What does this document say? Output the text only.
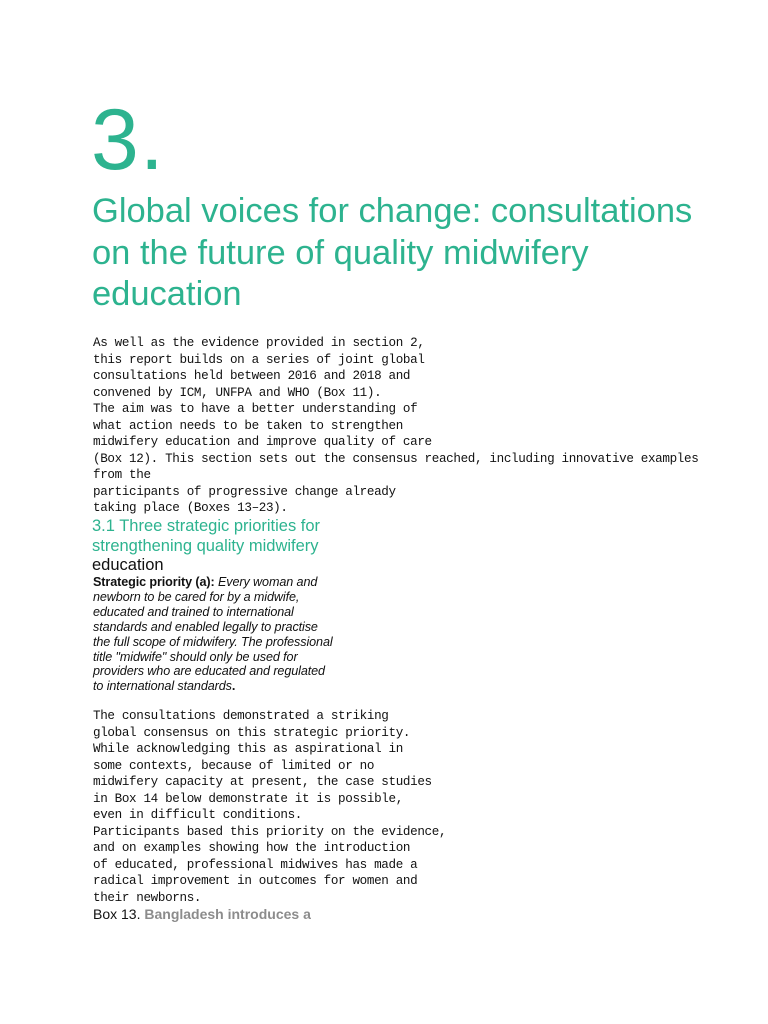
3.
Global voices for change: consultations on the future of quality midwifery education
As well as the evidence provided in section 2,
this report builds on a series of joint global
consultations held between 2016 and 2018 and
convened by ICM, UNFPA and WHO (Box 11).
The aim was to have a better understanding of
what action needs to be taken to strengthen
midwifery education and improve quality of care
(Box 12). This section sets out the consensus reached, including innovative examples
from the
participants of progressive change already
taking place (Boxes 13–23).
3.1 Three strategic priorities for
strengthening quality midwifery
education
Strategic priority (a): Every woman and
newborn to be cared for by a midwife,
educated and trained to international
standards and enabled legally to practise
the full scope of midwifery. The professional
title "midwife" should only be used for
providers who are educated and regulated
to international standards.
The consultations demonstrated a striking
global consensus on this strategic priority.
While acknowledging this as aspirational in
some contexts, because of limited or no
midwifery capacity at present, the case studies
in Box 14 below demonstrate it is possible,
even in difficult conditions.
Participants based this priority on the evidence,
and on examples showing how the introduction
of educated, professional midwives has made a
radical improvement in outcomes for women and
their newborns.
Box 13. Bangladesh introduces a
